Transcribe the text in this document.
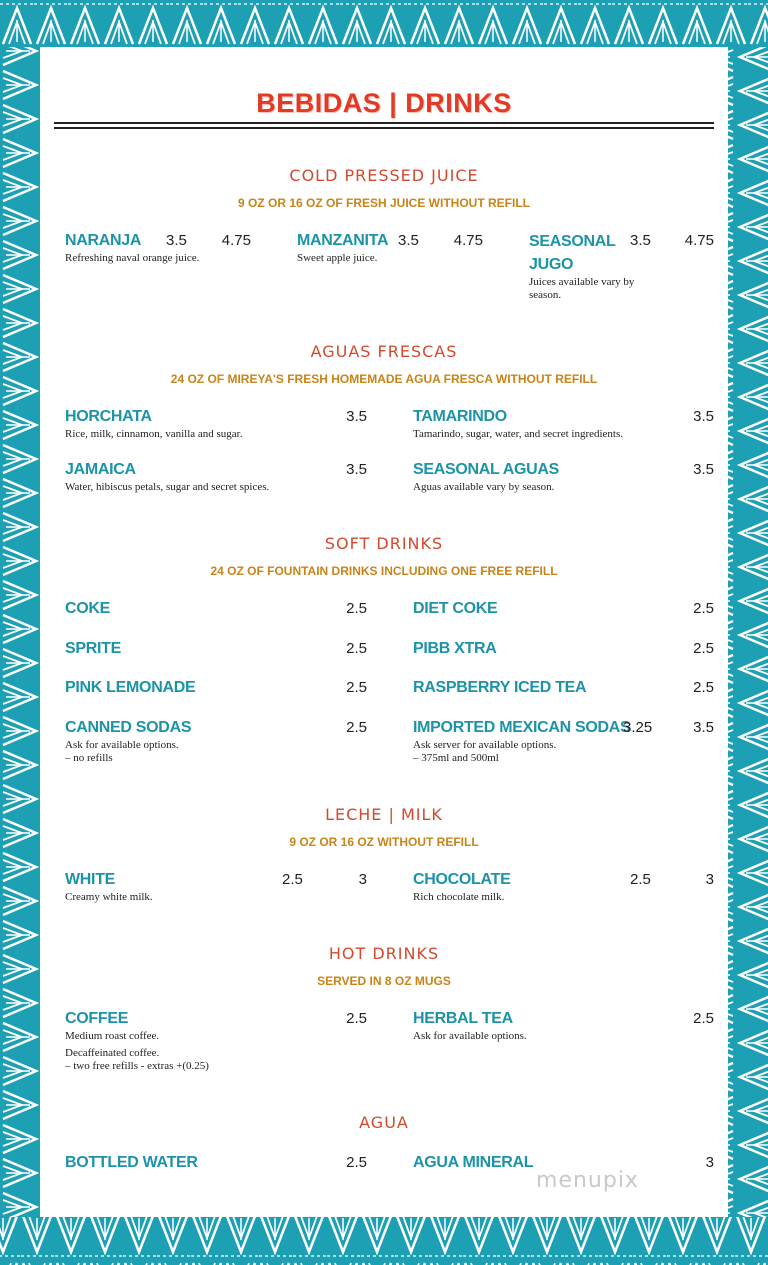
BEBIDAS | DRINKS
COLD PRESSED JUICE
9 OZ OR 16 OZ OF FRESH JUICE WITHOUT REFILL
NARANJA 3.5 4.75
Refreshing naval orange juice.
MANZANITA 3.5 4.75
Sweet apple juice.
SEASONAL JUGO
3.5 4.75
Juices available vary by season.
AGUAS FRESCAS
24 OZ OF MIREYA'S FRESH HOMEMADE AGUA FRESCA WITHOUT REFILL
HORCHATA	3.5
Rice, milk, cinnamon, vanilla and sugar.
TAMARINDO	3.5
Tamarindo, sugar, water, and secret ingredients.
JAMAICA	3.5
Water, hibiscus petals, sugar and secret spices.
SEASONAL AGUAS	3.5
Aguas available vary by season.
SOFT DRINKS
24 OZ OF FOUNTAIN DRINKS INCLUDING ONE FREE REFILL
COKE	2.5	DIET COKE	2.5
SPRITE	2.5	PIBB XTRA	2.5
PINK LEMONADE	2.5	RASPBERRY ICED TEA	2.5
CANNED SODAS	2.5
Ask for available options.
– no refills
IMPORTED MEXICAN SODAS
3.25	3.5
Ask server for available options.
– 375ml and 500ml
LECHE | MILK
9 OZ OR 16 OZ WITHOUT REFILL
WHITE	2.5	3
Creamy white milk.
CHOCOLATE	2.5	3
Rich chocolate milk.
HOT DRINKS
SERVED IN 8 OZ MUGS
COFFEE	2.5
Medium roast coffee.
Decaffeinated coffee.
– two free refills - extras +(0.25)
HERBAL TEA	2.5
Ask for available options.
AGUA
BOTTLED WATER	2.5	AGUA MINERAL	3
menupix
